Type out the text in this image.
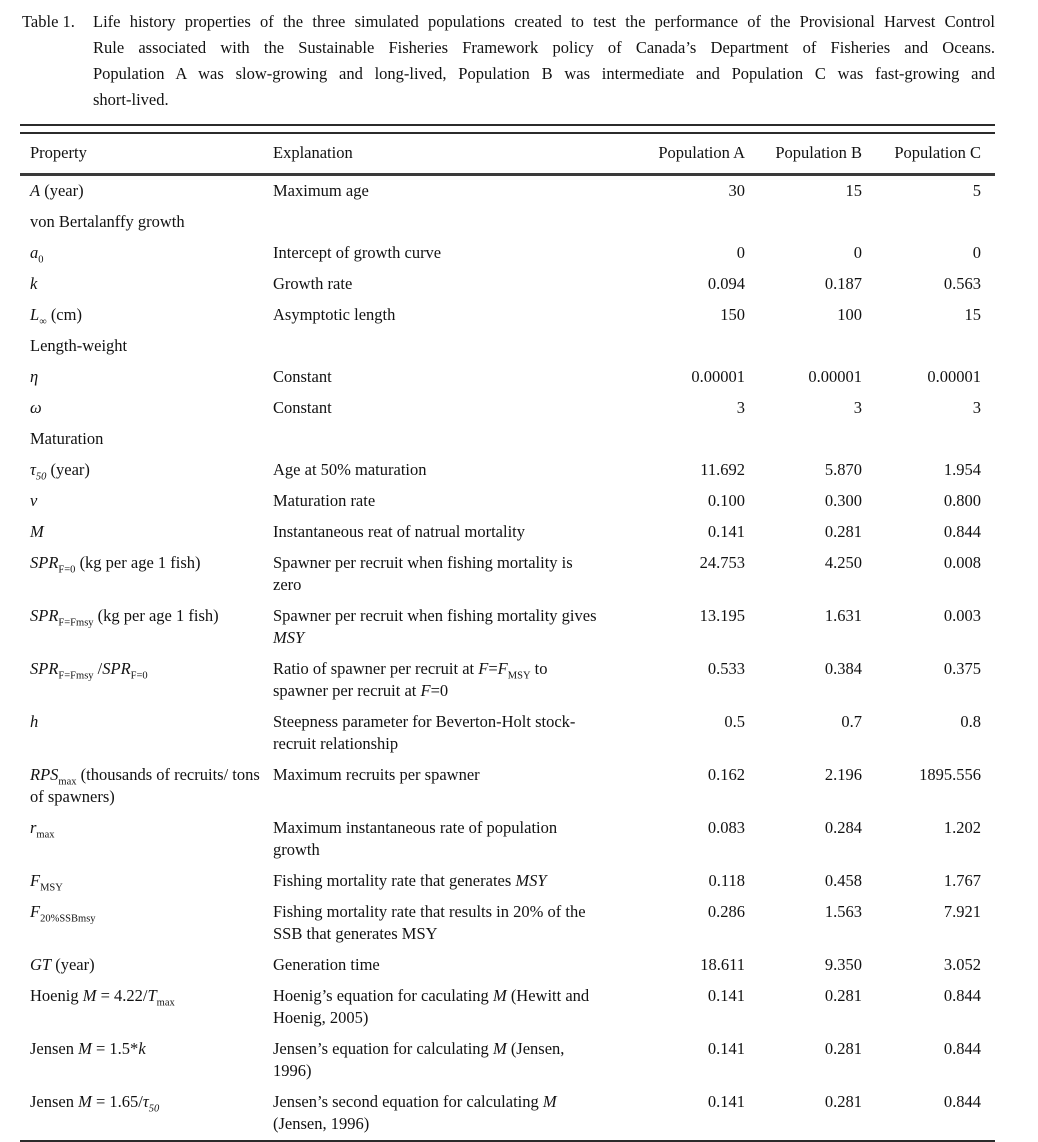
Table 1.	Life history properties of the three simulated populations created to test the performance of the Provisional Harvest Control
Rule associated with the Sustainable Fisheries Framework policy of Canada’s Department of Fisheries and Oceans.
Population A was slow-growing and long-lived, Population B was intermediate and Population C was fast-growing and
short-lived.
Property	Explanation	Population A	Population B	Population C
A (year)	Maximum age	30	15	5
von Bertalanffy growth				
$a_0$	Intercept of growth curve	0	0	0
k	Growth rate	0.094	0.187	0.563
$L_\infty$ (cm)	Asymptotic length	150	100	15
Length-weight				
η	Constant	0.00001	0.00001	0.00001
ω	Constant	3	3	3
Maturation				
$\tau_{50}$ (year)	Age at 50% maturation	11.692	5.870	1.954
ν	Maturation rate	0.100	0.300	0.800
M	Instantaneous reat of natrual mortality	0.141	0.281	0.844
$SPR_{F=0}$ (kg per age 1 fish)	Spawner per recruit when fishing mortality is zero	24.753	4.250	0.008
$SPR_{F=Fmsy}$ (kg per age 1 fish)	Spawner per recruit when fishing mortality gives MSY	13.195	1.631	0.003
$SPR_{F=Fmsy}$ $/SPR_{F=0}$	Ratio of spawner per recruit at $F=F_{MSY}$ to spawner per recruit at F=0	0.533	0.384	0.375
h	Steepness parameter for Beverton-Holt stock-recruit relationship	0.5	0.7	0.8
$RPS_{max}$ (thousands of recruits/ tons of spawners)	Maximum recruits per spawner	0.162	2.196	1895.556
$r_{max}$	Maximum instantaneous rate of population growth	0.083	0.284	1.202
$F_{MSY}$	Fishing mortality rate that generates MSY	0.118	0.458	1.767
$F_{20\%SSBmsy}$	Fishing mortality rate that results in 20% of the SSB that generates MSY	0.286	1.563	7.921
GT (year)	Generation time	18.611	9.350	3.052
Hoenig $M = 4.22/T_{max}$	Hoenig’s equation for caculating M (Hewitt and Hoenig, 2005)	0.141	0.281	0.844
Jensen M = 1.5*k	Jensen’s equation for calculating M (Jensen, 1996)	0.141	0.281	0.844
Jensen $M = 1.65/\tau_{50}$	Jensen’s second equation for calculating M (Jensen, 1996)	0.141	0.281	0.844
